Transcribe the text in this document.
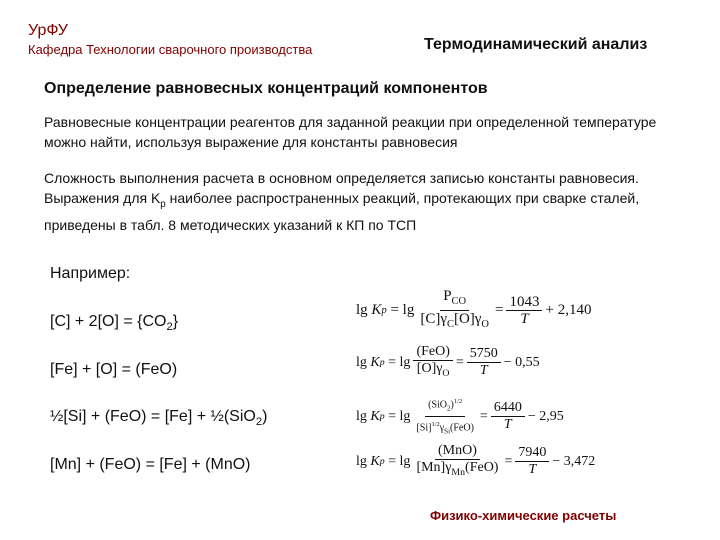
УрФУ
Кафедра Технологии сварочного производства	Термодинамический анализ
Определение равновесных концентраций компонентов
Равновесные концентрации реагентов для заданной реакции при определенной температуре можно найти, используя выражение для константы равновесия
Сложность выполнения расчета в основном определяется записью константы равновесия. Выражения для $K_p$ наиболее распространенных реакций, протекающих при сварке сталей, приведены в табл. 8 методических указаний к КП по ТСП
Например:
$[C] + 2[O] = \{CO_2\}$
[Fe] + [O] = (FeO)
½[Si] + (FeO) = [Fe] + ½(SiO$_2$)
[Mn] + (FeO) = [Fe] + (MnO)
lg K $p = \lg \frac{P_{CO}}{[C]\gamma_C[O]\gamma_O} = \frac{1043}{T} + 2,140$
lg K $p = \lg \frac{\text{(FeO)}}{[O]\gamma_O} = \frac{5750}{T} - 0,55$
lg K $p = \lg \frac{(SiO_2)^{1/2}}{[Si]^{1/2}\gamma_{Si}(FeO)} = \frac{6440}{T} - 2,95$
lg K $p = \lg \frac{\text{(MnO)}}{[Mn]\gamma_{Mn}(FeO)} = \frac{7940}{T} - 3,472$
Физико-химические расчеты
